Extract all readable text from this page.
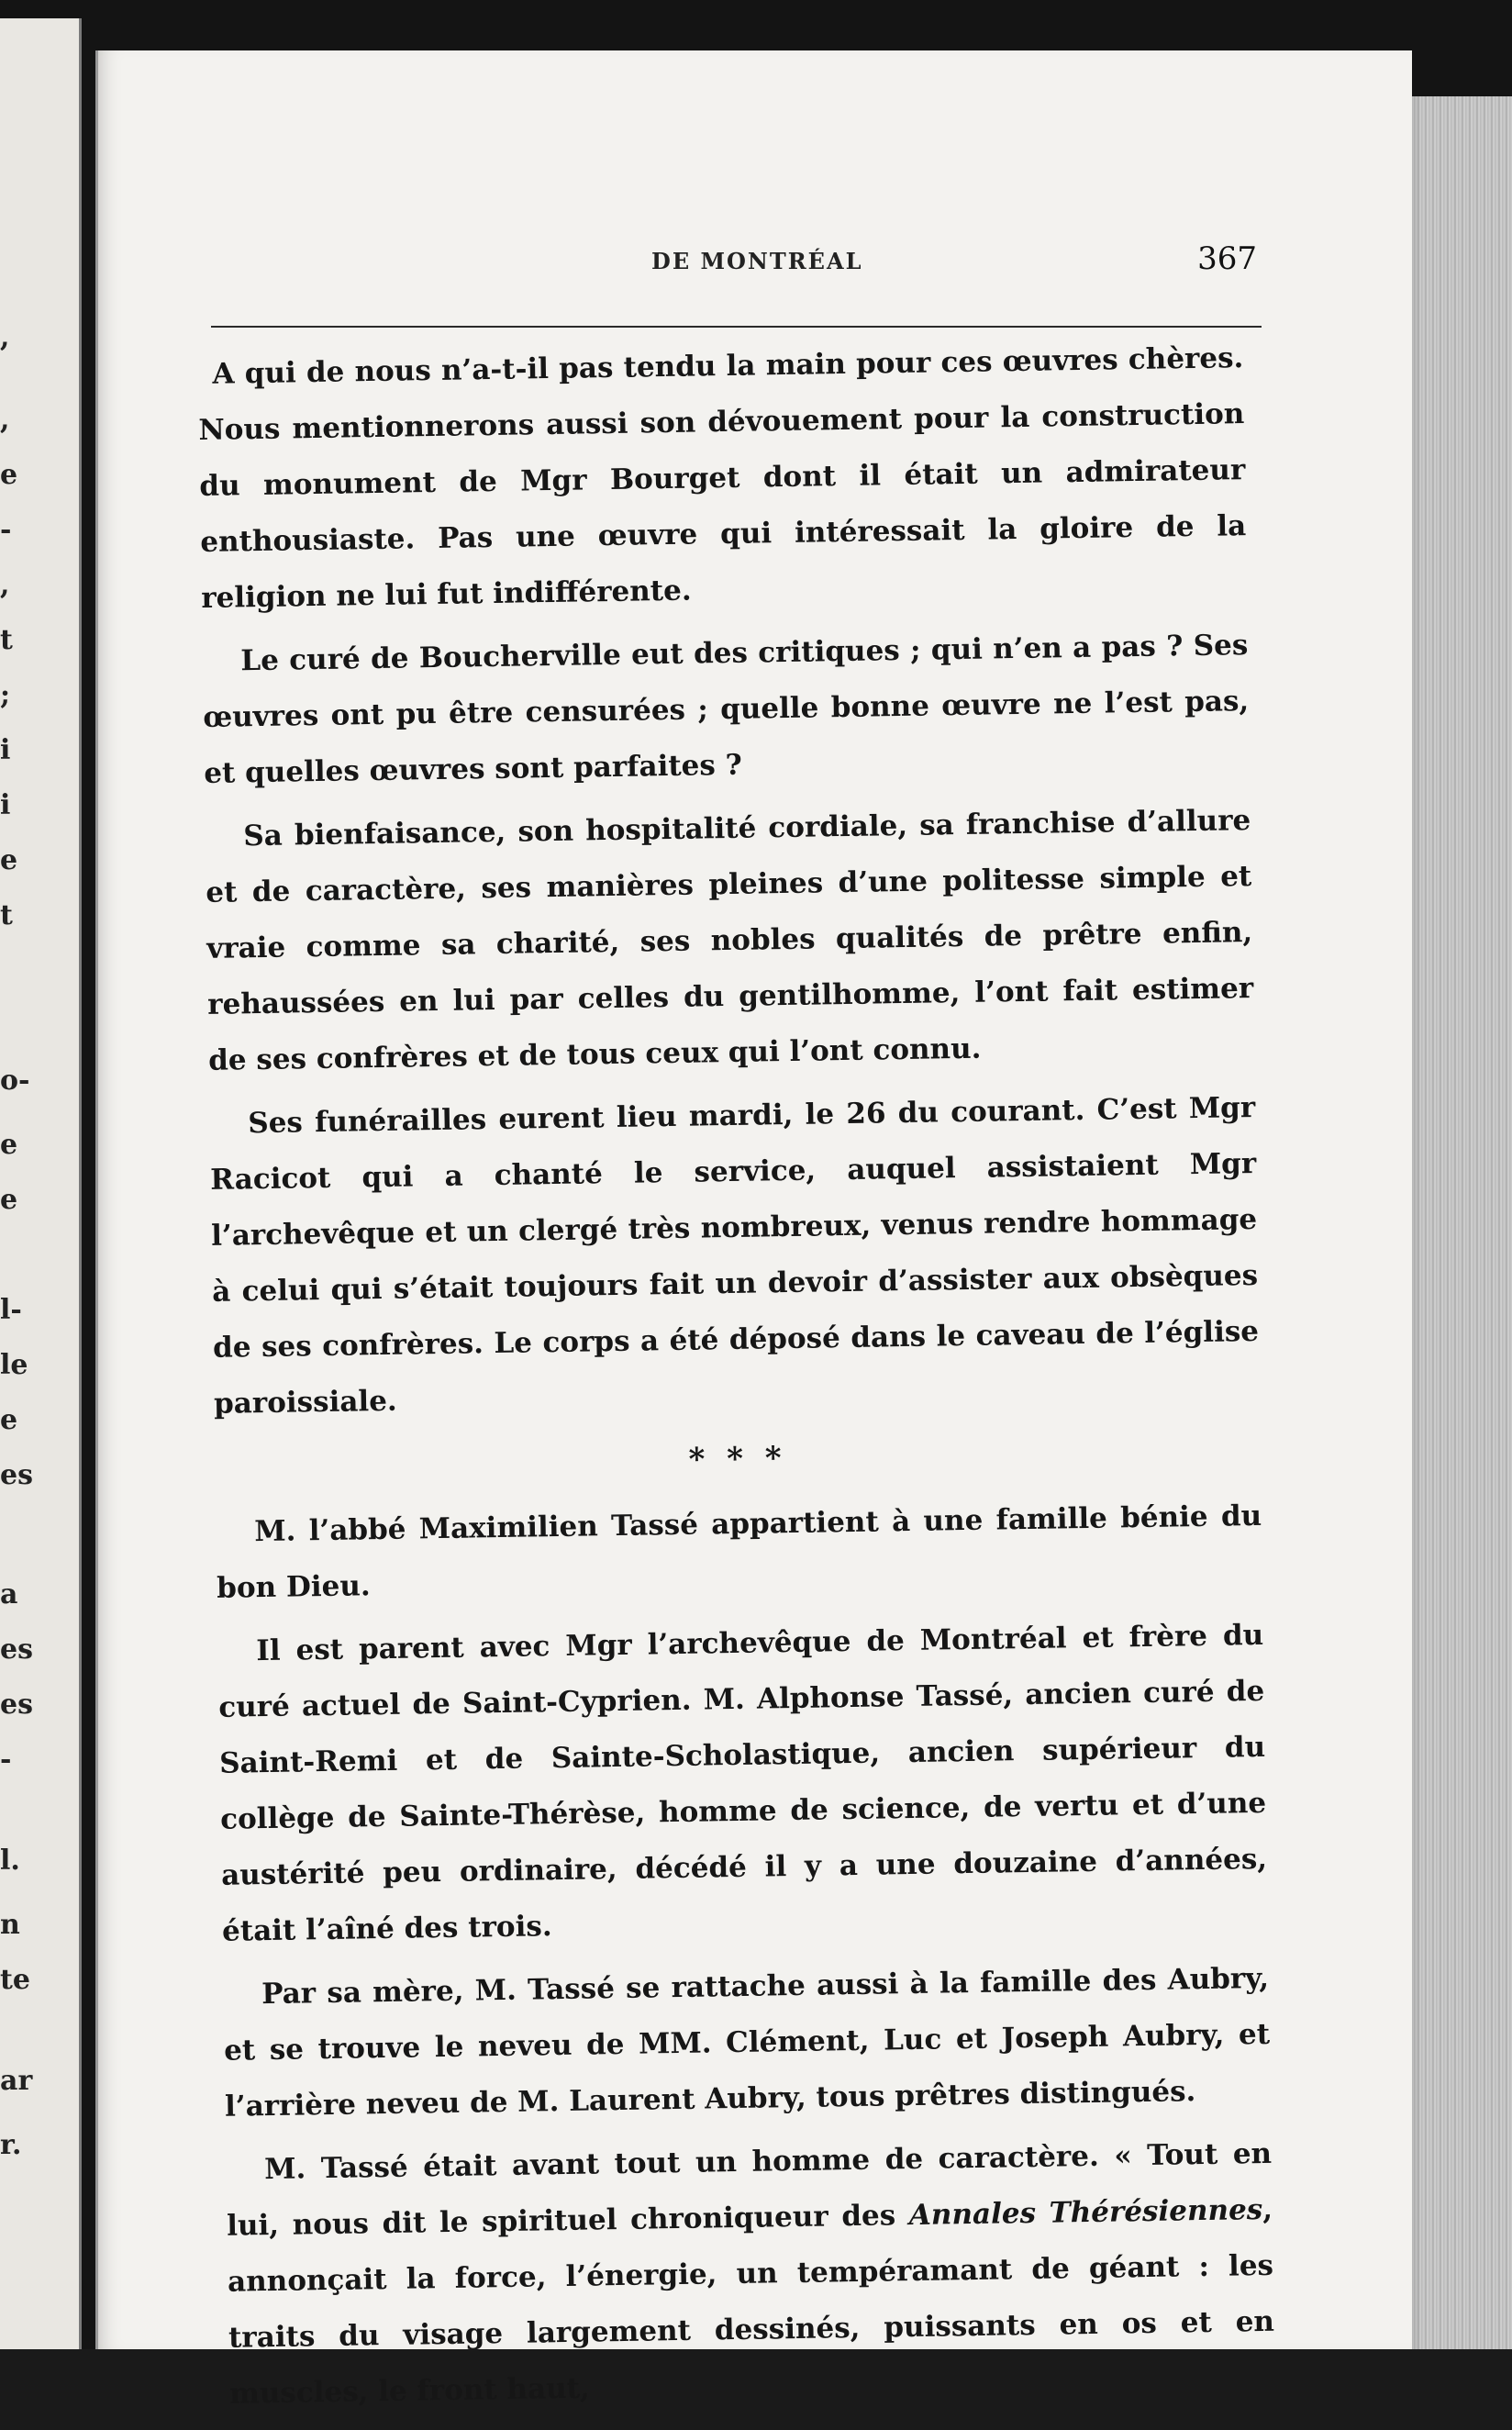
,
,
e
-
,
t
;
i
i
e
t
o-
e
e
l-
le
e
es
a
es
es
-
l.
n
te
ar
r.
DE MONTRÉAL	367

A qui de nous n’a-t-il pas tendu la main pour ces œuvres chères. Nous mentionnerons aussi son dévouement pour la construction du monument de Mgr Bourget dont il était un admirateur enthousiaste. Pas une œuvre qui intéressait la gloire de la religion ne lui fut indifférente.

Le curé de Boucherville eut des critiques ; qui n’en a pas ? Ses œuvres ont pu être censurées ; quelle bonne œuvre ne l’est pas, et quelles œuvres sont parfaites ?

Sa bienfaisance, son hospitalité cordiale, sa franchise d’allure et de caractère, ses manières pleines d’une politesse simple et vraie comme sa charité, ses nobles qualités de prêtre enfin, rehaussées en lui par celles du gentilhomme, l’ont fait estimer de ses confrères et de tous ceux qui l’ont connu.

Ses funérailles eurent lieu mardi, le 26 du courant. C’est Mgr Racicot qui a chanté le service, auquel assistaient Mgr l’archevêque et un clergé très nombreux, venus rendre hommage à celui qui s’était toujours fait un devoir d’assister aux obsèques de ses confrères. Le corps a été déposé dans le caveau de l’église paroissiale.

* * *

M. l’abbé Maximilien Tassé appartient à une famille bénie du bon Dieu.

Il est parent avec Mgr l’archevêque de Montréal et frère du curé actuel de Saint-Cyprien. M. Alphonse Tassé, ancien curé de Saint-Remi et de Sainte-Scholastique, ancien supérieur du collège de Sainte-Thérèse, homme de science, de vertu et d’une austérité peu ordinaire, décédé il y a une douzaine d’années, était l’aîné des trois.

Par sa mère, M. Tassé se rattache aussi à la famille des Aubry, et se trouve le neveu de MM. Clément, Luc et Joseph Aubry, et l’arrière neveu de M. Laurent Aubry, tous prêtres distingués.

M. Tassé était avant tout un homme de caractère. « Tout en lui, nous dit le spirituel chroniqueur des Annales Thérésiennes, annonçait la force, l’énergie, un tempéramant de géant : les traits du visage largement dessinés, puissants en os et en muscles, le front haut,
